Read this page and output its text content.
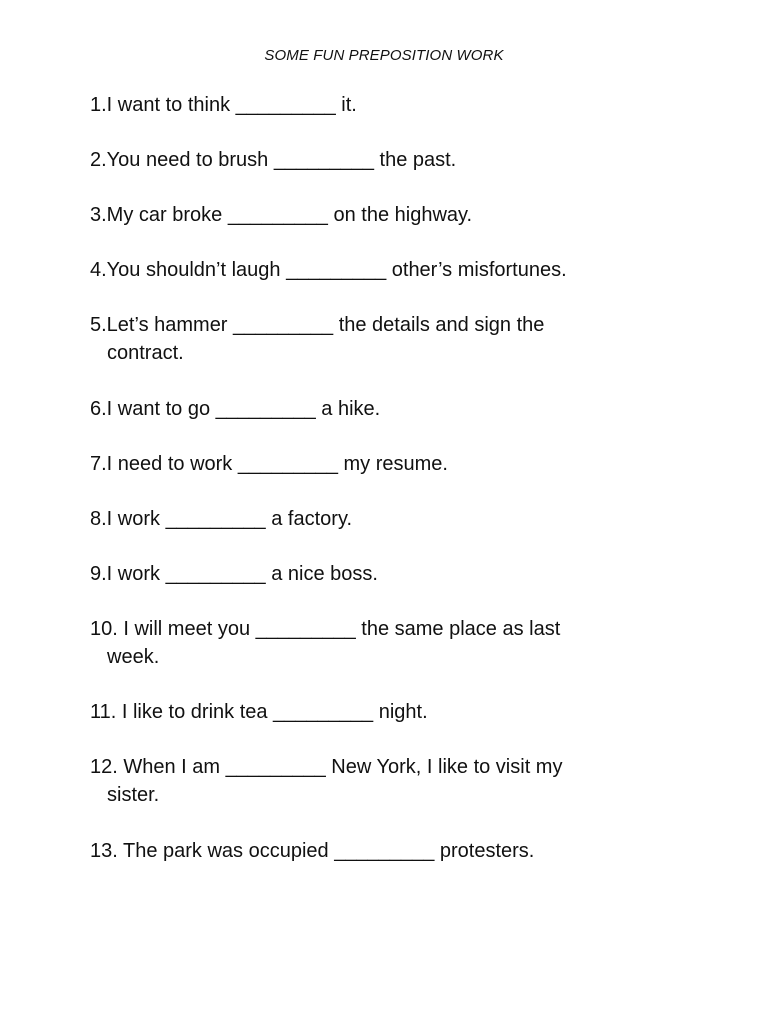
SOME FUN PREPOSITION WORK
1.I want to think _________ it.
2.You need to brush _________ the past.
3.My car broke _________ on the highway.
4.You shouldn’t laugh _________ other’s misfortunes.
5.Let’s hammer _________ the details and sign the
contract.
6.I want to go _________ a hike.
7.I need to work _________ my resume.
8.I work _________ a factory.
9.I work _________ a nice boss.
10. I will meet you _________ the same place as last
week.
11. I like to drink tea _________ night.
12. When I am _________ New York, I like to visit my
sister.
13. The park was occupied _________ protesters.
